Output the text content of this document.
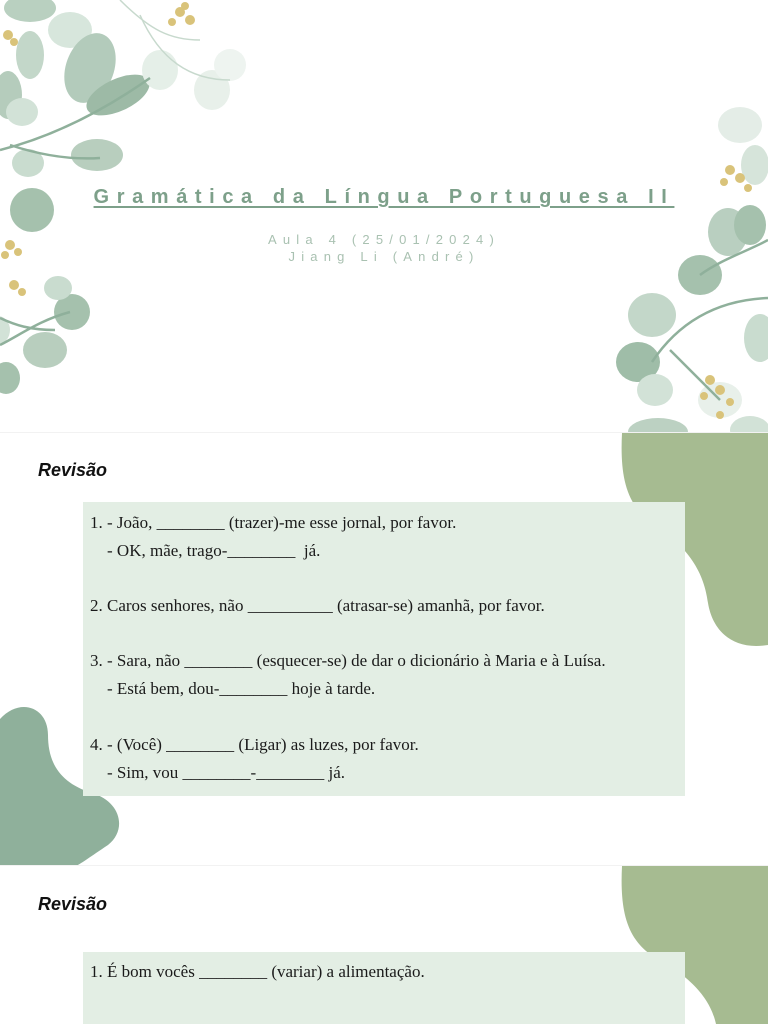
Gramática da Língua Portuguesa II
Aula 4 (25/01/2024)
Jiang Li (André)
Revisão
1. - João, ________ (trazer)-me esse jornal, por favor.
- OK, mãe, trago-________  já.
2. Caros senhores, não __________ (atrasar-se) amanhã, por favor.
3. - Sara, não ________ (esquecer-se) de dar o dicionário à Maria e à Luísa.
- Está bem, dou-________ hoje à tarde.
4. - (Você) ________ (Ligar) as luzes, por favor.
- Sim, vou ________-________ já.
Revisão
1. É bom vocês ________ (variar) a alimentação.
